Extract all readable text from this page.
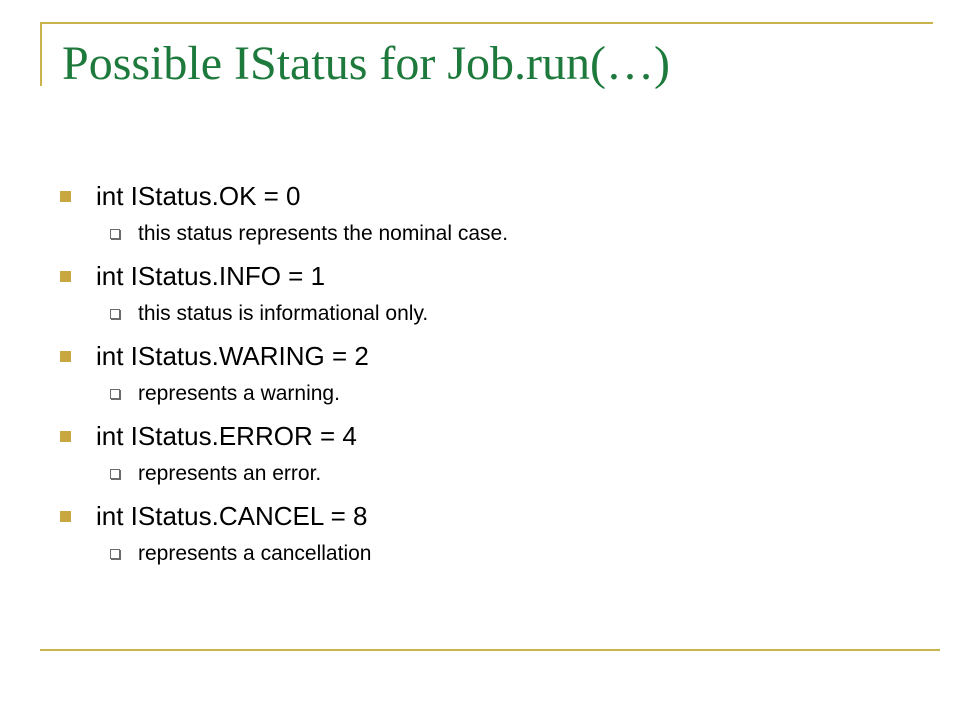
Possible IStatus for Job.run(…)
int IStatus.OK = 0
this status represents the nominal case.
int IStatus.INFO = 1
this status is informational only.
int IStatus.WARING = 2
represents a warning.
int IStatus.ERROR = 4
represents an error.
int IStatus.CANCEL = 8
represents a cancellation
